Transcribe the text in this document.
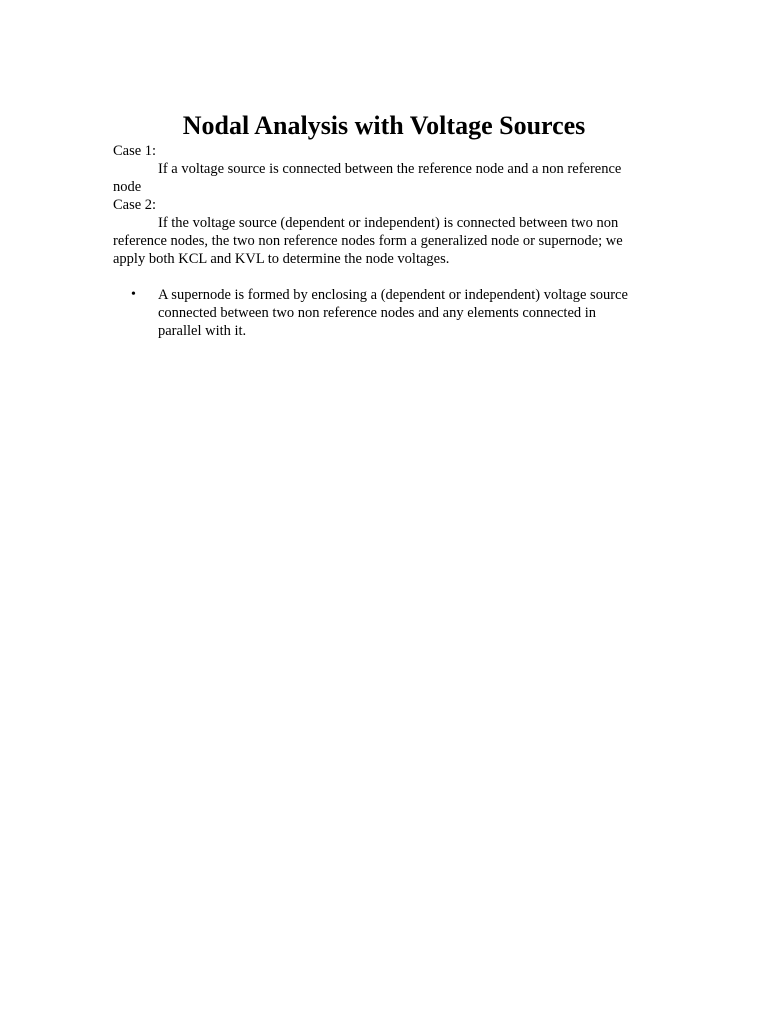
Nodal Analysis with Voltage Sources
Case 1:
If a voltage source is connected between the reference node and a non reference
node
Case 2:
If the voltage source (dependent or independent) is connected between two non
reference nodes, the two non reference nodes form a generalized node or supernode; we
apply both KCL and KVL to determine the node voltages.
•	A supernode is formed by enclosing a (dependent or independent) voltage source
connected between two non reference nodes and any elements connected in
parallel with it.
